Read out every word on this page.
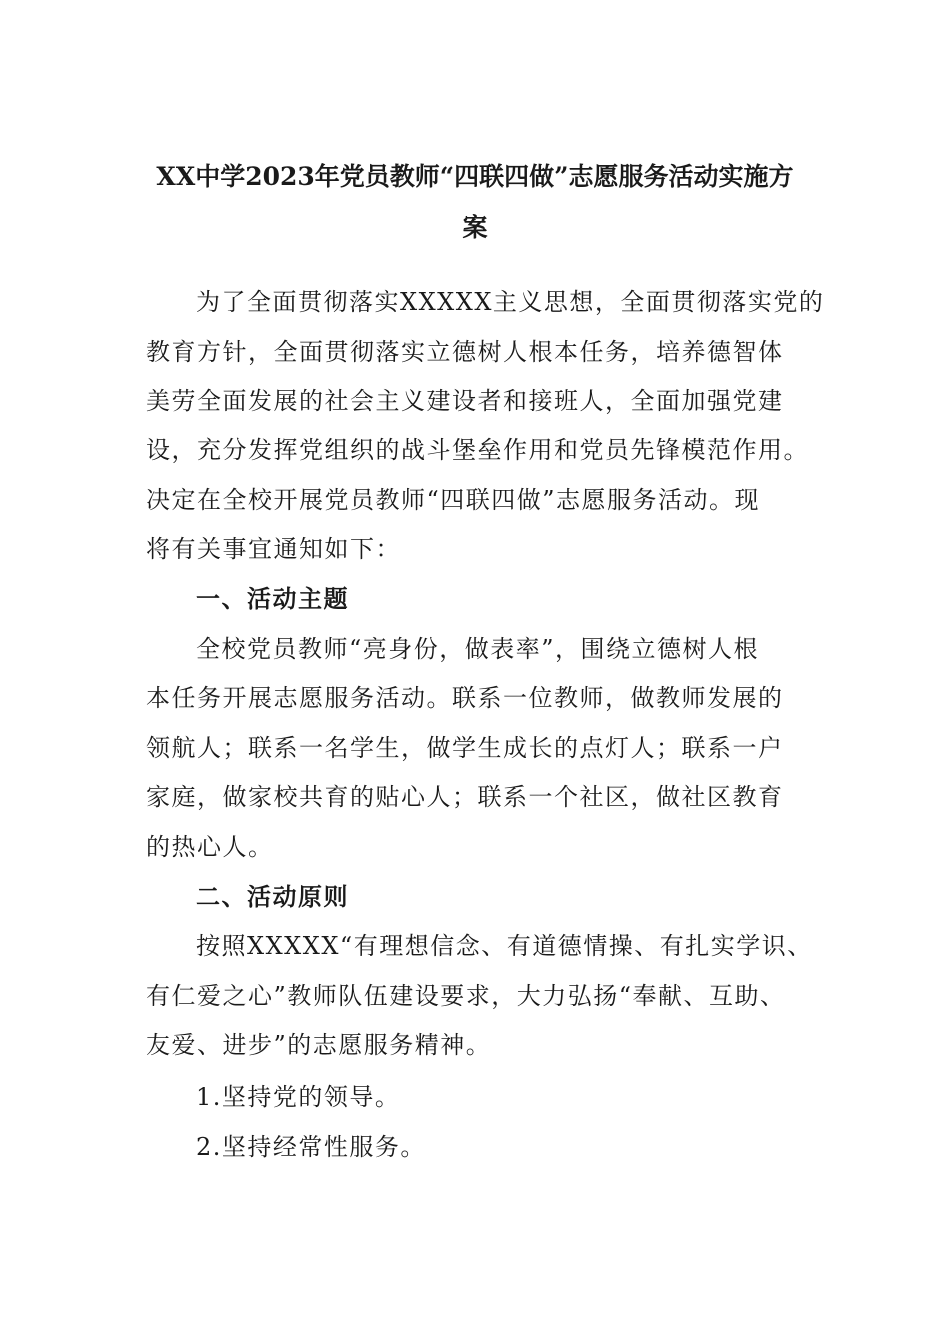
XX中学2023年党员教师“四联四做”志愿服务活动实施方
案
为了全面贯彻落实XXXXX主义思想，全面贯彻落实党的
教育方针，全面贯彻落实立德树人根本任务，培养德智体
美劳全面发展的社会主义建设者和接班人，全面加强党建
设，充分发挥党组织的战斗堡垒作用和党员先锋模范作用。
决定在全校开展党员教师“四联四做”志愿服务活动。现
将有关事宜通知如下：
一、活动主题
全校党员教师“亮身份，做表率”，围绕立德树人根
本任务开展志愿服务活动。联系一位教师，做教师发展的
领航人；联系一名学生，做学生成长的点灯人；联系一户
家庭，做家校共育的贴心人；联系一个社区，做社区教育
的热心人。
二、活动原则
按照XXXXX“有理想信念、有道德情操、有扎实学识、
有仁爱之心”教师队伍建设要求，大力弘扬“奉献、互助、
友爱、进步”的志愿服务精神。
1.坚持党的领导。
2.坚持经常性服务。
